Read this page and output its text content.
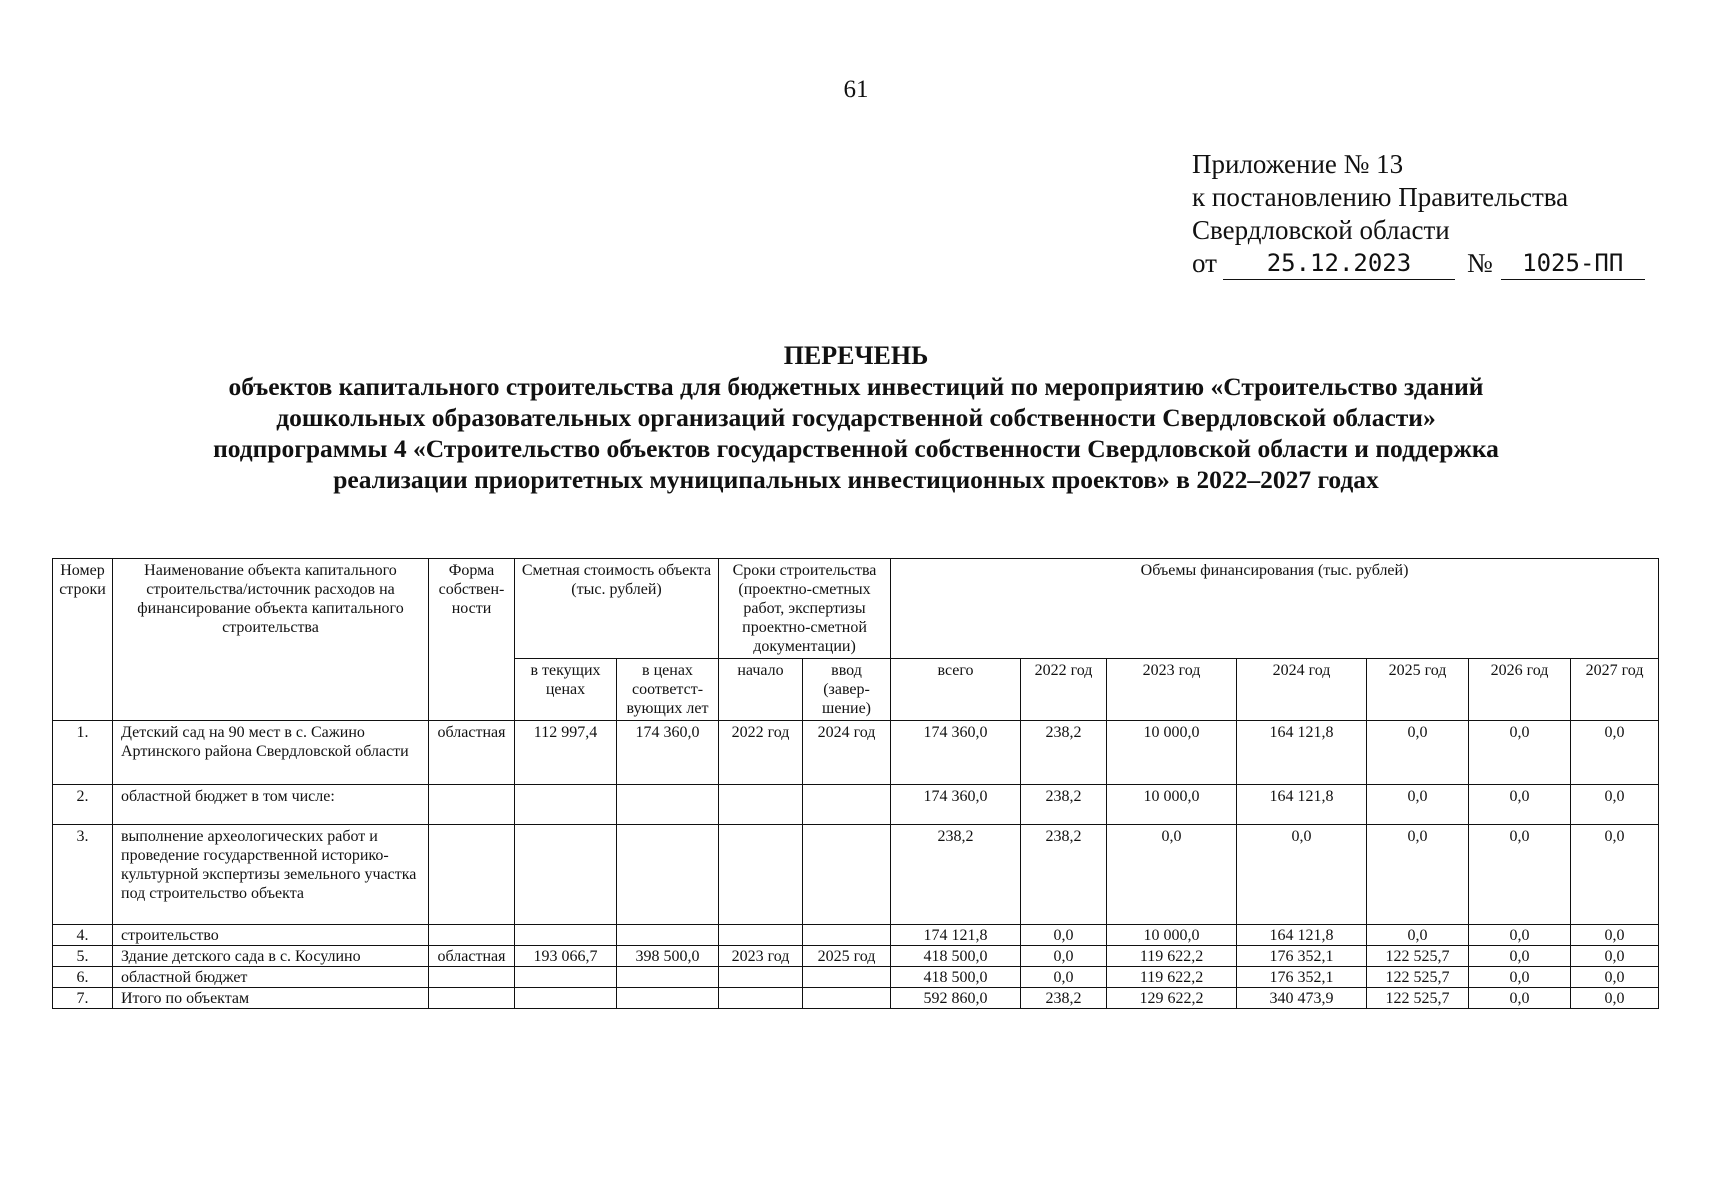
61
Приложение № 13
к постановлению Правительства
Свердловской области
от	25.12.2023	№	1025-ПП
ПЕРЕЧЕНЬ
объектов капитального строительства для бюджетных инвестиций по мероприятию «Строительство зданий
дошкольных образовательных организаций государственной собственности Свердловской области»
подпрограммы 4 «Строительство объектов государственной собственности Свердловской области и поддержка
реализации приоритетных муниципальных инвестиционных проектов» в 2022–2027 годах
Номер строки	Наименование объекта капитального строительства/источник расходов на финансирование объекта капитального строительства	Форма собствен-ности	Сметная стоимость объекта (тыс. рублей)		Сроки строительства (проектно-сметных работ, экспертизы проектно-сметной документации)		Объемы финансирования (тыс. рублей)						
			в текущих ценах	в ценах соответст-вующих лет	начало	ввод (завер-шение)	всего	2022 год	2023 год	2024 год	2025 год	2026 год	2027 год
1.	Детский сад на 90 мест в с. Сажино Артинского района Свердловской области	областная	112 997,4	174 360,0	2022 год	2024 год	174 360,0	238,2	10 000,0	164 121,8	0,0	0,0	0,0
2.	областной бюджет в том числе:						174 360,0	238,2	10 000,0	164 121,8	0,0	0,0	0,0
3.	выполнение археологических работ и проведение государственной историко-культурной экспертизы земельного участка под строительство объекта						238,2	238,2	0,0	0,0	0,0	0,0	0,0
4.	строительство						174 121,8	0,0	10 000,0	164 121,8	0,0	0,0	0,0
5.	Здание детского сада в с. Косулино	областная	193 066,7	398 500,0	2023 год	2025 год	418 500,0	0,0	119 622,2	176 352,1	122 525,7	0,0	0,0
6.	областной бюджет						418 500,0	0,0	119 622,2	176 352,1	122 525,7	0,0	0,0
7.	Итого по объектам						592 860,0	238,2	129 622,2	340 473,9	122 525,7	0,0	0,0
